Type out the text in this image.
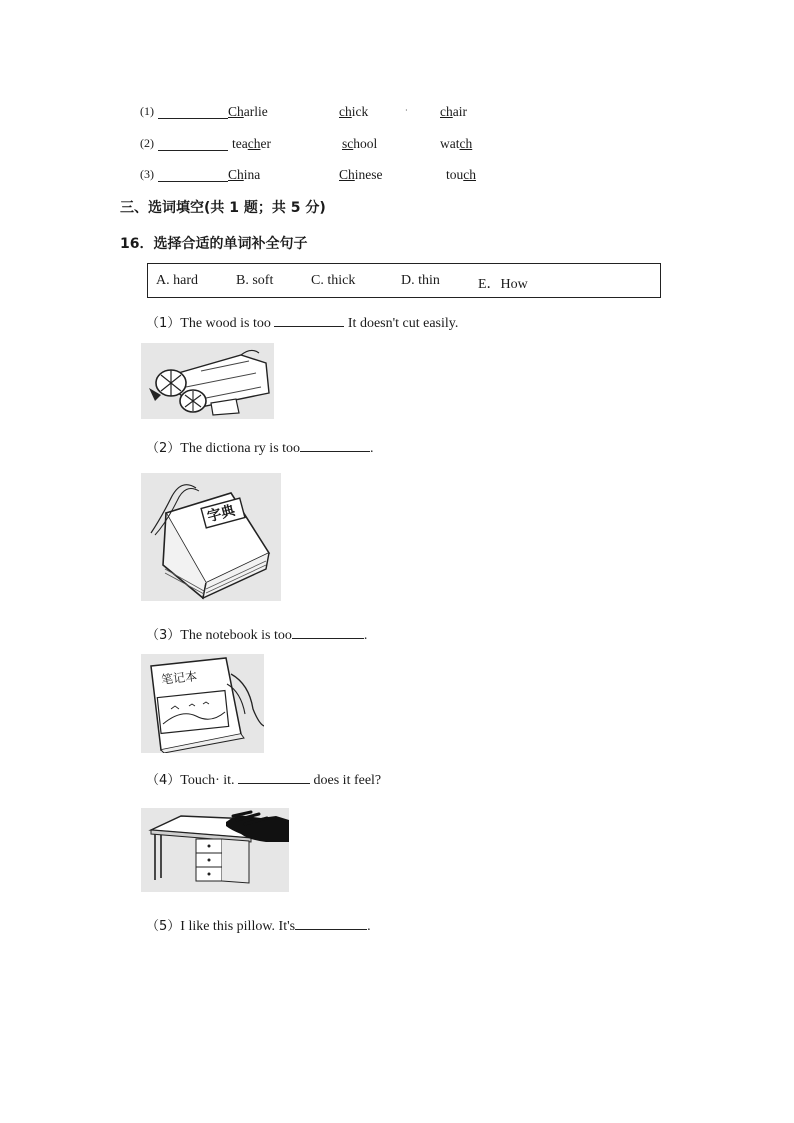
(1)	Charlie	chick	· chair
(2)	teacher	school	watch
(3)	China	Chinese	touch
三、选词填空(共 1 题；共 5 分)
16．选择合适的单词补全句子
A. hard	B. soft	C. thick	D. thin	E．How
（1）The wood is too	It doesn't cut easily.
（2）The dictiona ry is too	.
字典
（3）The notebook is too	.
笔记本
（4）Touch· it.	does it feel?
（5）I like this pillow. It's	.
